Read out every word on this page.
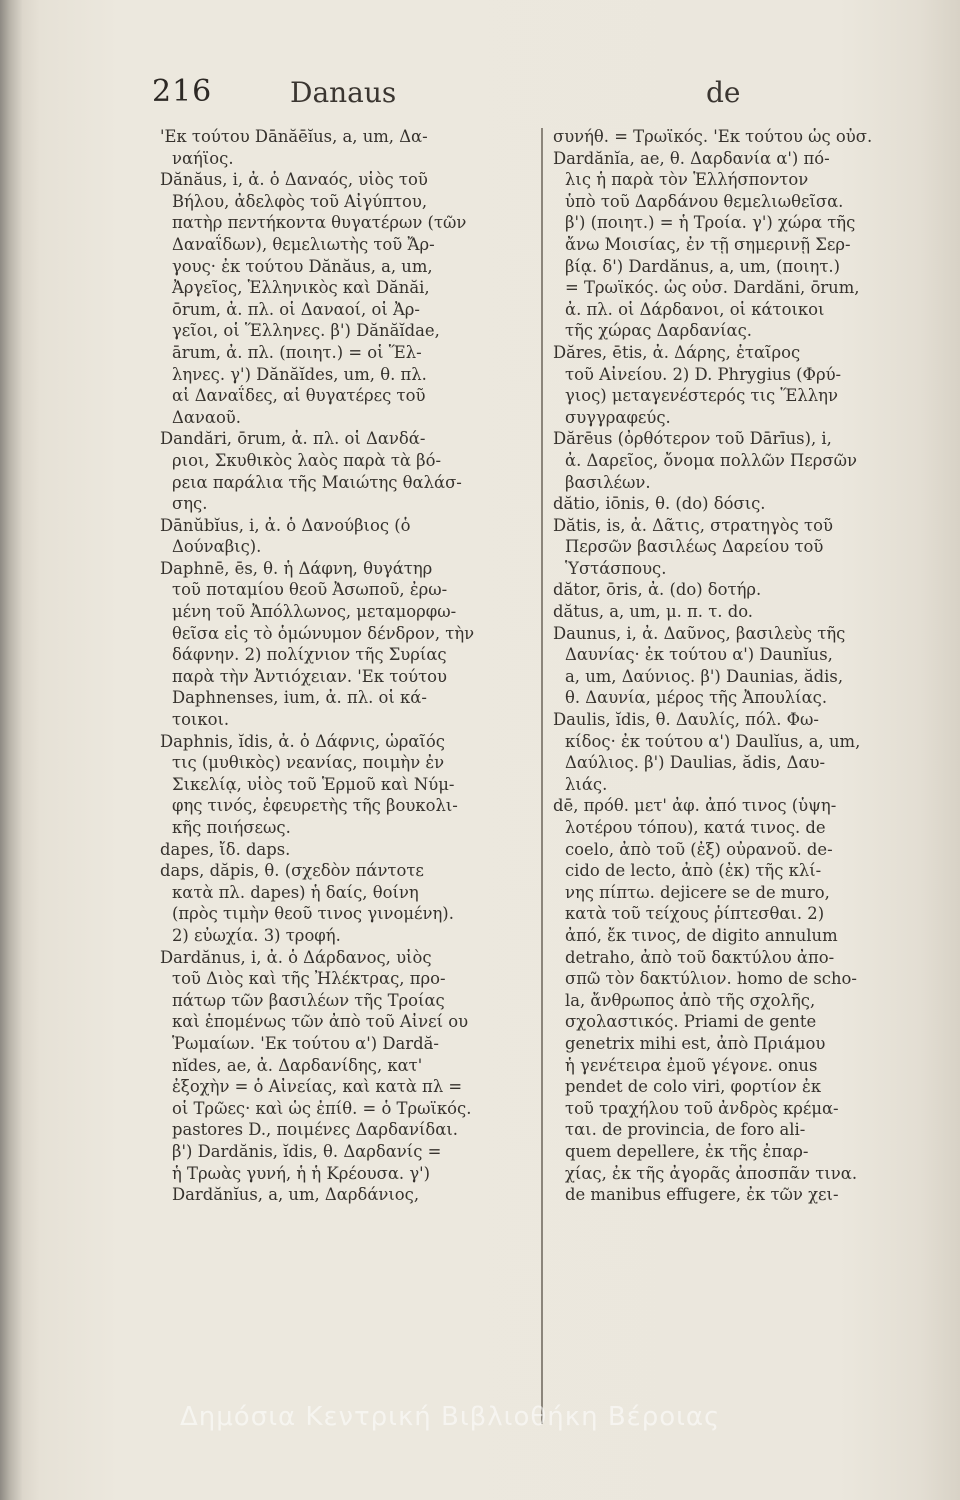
216	Danaus	de
'Εκ τούτου Dānăēĭus, a, um, Δα-
ναήϊος.
Dănăus, i, ἀ. ὁ Δαναός, υἱὸς τοῦ
Βήλου, ἀδελφὸς τοῦ Αἰγύπτου,
πατὴρ πεντήκοντα θυγατέρων (τῶν
Δαναΐδων), θεμελιωτὴς τοῦ Ἄρ-
γους· ἐκ τούτου Dănăus, a, um,
Ἀργεῖος, Ἑλληνικὸς καὶ Dănăi,
ōrum, ἀ. πλ. οἱ Δαναοί, οἱ Ἀρ-
γεῖοι, οἱ Ἕλληνες. β') Dănăĭdae,
ārum, ἀ. πλ. (ποιητ.) = οἱ Ἕλ-
ληνες. γ') Dănăĭdes, um, θ. πλ.
αἱ Δαναΐδες, αἱ θυγατέρες τοῦ
Δαναοῦ.
Dandări, ōrum, ἀ. πλ. οἱ Δανδά-
ριοι, Σκυθικὸς λαὸς παρὰ τὰ βό-
ρεια παράλια τῆς Μαιώτης θαλάσ-
σης.
Dānŭbĭus, i, ἀ. ὁ Δανούβιος (ὁ
Δούναβις).
Daphnē, ēs, θ. ἡ Δάφνη, θυγάτηρ
τοῦ ποταμίου θεοῦ Ἀσωποῦ, ἐρω-
μένη τοῦ Ἀπόλλωνος, μεταμορφω-
θεῖσα εἰς τὸ ὁμώνυμον δένδρον, τὴν
δάφνην. 2) πολίχνιον τῆς Συρίας
παρὰ τὴν Ἀντιόχειαν. 'Εκ τούτου
Daphnenses, ium, ἀ. πλ. οἱ κά-
τοικοι.
Daphnis, ĭdis, ἀ. ὁ Δάφνις, ὡραῖός
τις (μυθικὸς) νεανίας, ποιμὴν ἐν
Σικελίᾳ, υἱὸς τοῦ Ἑρμοῦ καὶ Νύμ-
φης τινός, ἐφευρετὴς τῆς βουκολι-
κῆς ποιήσεως.
dapes, ἴδ. daps.
daps, dăpis, θ. (σχεδὸν πάντοτε
κατὰ πλ. dapes) ἡ δαίς, θοίνη
(πρὸς τιμὴν θεοῦ τινος γινομένη).
2) εὐωχία. 3) τροφή.
Dardănus, i, ἀ. ὁ Δάρδανος, υἱὸς
τοῦ Διὸς καὶ τῆς Ἠλέκτρας, προ-
πάτωρ τῶν βασιλέων τῆς Τροίας
καὶ ἑπομένως τῶν ἀπὸ τοῦ Αἰνεί ου
Ῥωμαίων. 'Εκ τούτου α') Dardă-
nĭdes, ae, ἀ. Δαρδανίδης, κατ'
ἐξοχὴν = ὁ Αἰνείας, καὶ κατὰ πλ =
οἱ Τρῶες· καὶ ὡς ἐπίθ. = ὁ Τρωϊκός.
pastores D., ποιμένες Δαρδανίδαι.
β') Dardănis, ĭdis, θ. Δαρδανίς =
ἡ Τρωὰς γυνή, ἡ ἡ Κρέουσα. γ')
Dardănĭus, a, um, Δαρδάνιος,
συνήθ. = Τρωϊκός. 'Εκ τούτου ὡς οὐσ.
Dardănĭa, ae, θ. Δαρδανία α') πό-
λις ἡ παρὰ τὸν Ἑλλήσποντον
ὑπὸ τοῦ Δαρδάνου θεμελιωθεῖσα.
β') (ποιητ.) = ἡ Τροία. γ') χώρα τῆς
ἄνω Μοισίας, ἐν τῇ σημερινῇ Σερ-
βίᾳ. δ') Dardănus, a, um, (ποιητ.)
= Τρωϊκός. ὡς οὐσ. Dardăni, ōrum,
ἀ. πλ. οἱ Δάρδανοι, οἱ κάτοικοι
τῆς χώρας Δαρδανίας.
Dăres, ētis, ἀ. Δάρης, ἑταῖρος
τοῦ Αἰνείου. 2) D. Phrygius (Φρύ-
γιος) μεταγενέστερός τις Ἕλλην
συγγραφεύς.
Dărēus (ὀρθότερον τοῦ Dārīus), i,
ἀ. Δαρεῖος, ὄνομα πολλῶν Περσῶν
βασιλέων.
dătio, iōnis, θ. (do) δόσις.
Dătis, is, ἀ. Δᾶτις, στρατηγὸς τοῦ
Περσῶν βασιλέως Δαρείου τοῦ
Ὑστάσπους.
dător, ōris, ἀ. (do) δοτήρ.
dătus, a, um, μ. π. τ. do.
Daunus, i, ἀ. Δαῦνος, βασιλεὺς τῆς
Δαυνίας· ἐκ τούτου α') Daunĭus,
a, um, Δαύνιος. β') Daunias, ădis,
θ. Δαυνία, μέρος τῆς Ἀπουλίας.
Daulis, ĭdis, θ. Δαυλίς, πόλ. Φω-
κίδος· ἐκ τούτου α') Daulĭus, a, um,
Δαύλιος. β') Daulias, ădis, Δαυ-
λιάς.
dē, πρόθ. μετ' ἀφ. ἀπό τινος (ὑψη-
λοτέρου τόπου), κατά τινος. de
coelo, ἀπὸ τοῦ (ἐξ) οὐρανοῦ. de-
cido de lecto, ἀπὸ (ἐκ) τῆς κλί-
νης πίπτω. dejicere se de muro,
κατὰ τοῦ τείχους ῥίπτεσθαι. 2)
ἀπό, ἔκ τινος, de digito annulum
detraho, ἀπὸ τοῦ δακτύλου ἀπο-
σπῶ τὸν δακτύλιον. homo de scho-
la, ἄνθρωπος ἀπὸ τῆς σχολῆς,
σχολαστικός. Priami de gente
genetrix mihi est, ἀπὸ Πριάμου
ἡ γενέτειρα ἐμοῦ γέγονε. onus
pendet de colo viri, φορτίον ἐκ
τοῦ τραχήλου τοῦ ἀνδρὸς κρέμα-
ται. de provincia, de foro ali-
quem depellere, ἐκ τῆς ἐπαρ-
χίας, ἐκ τῆς ἀγορᾶς ἀποσπᾶν τινα.
de manibus effugere, ἐκ τῶν χει-
Δημόσια Κεντρική Βιβλιοθήκη Βέροιας
